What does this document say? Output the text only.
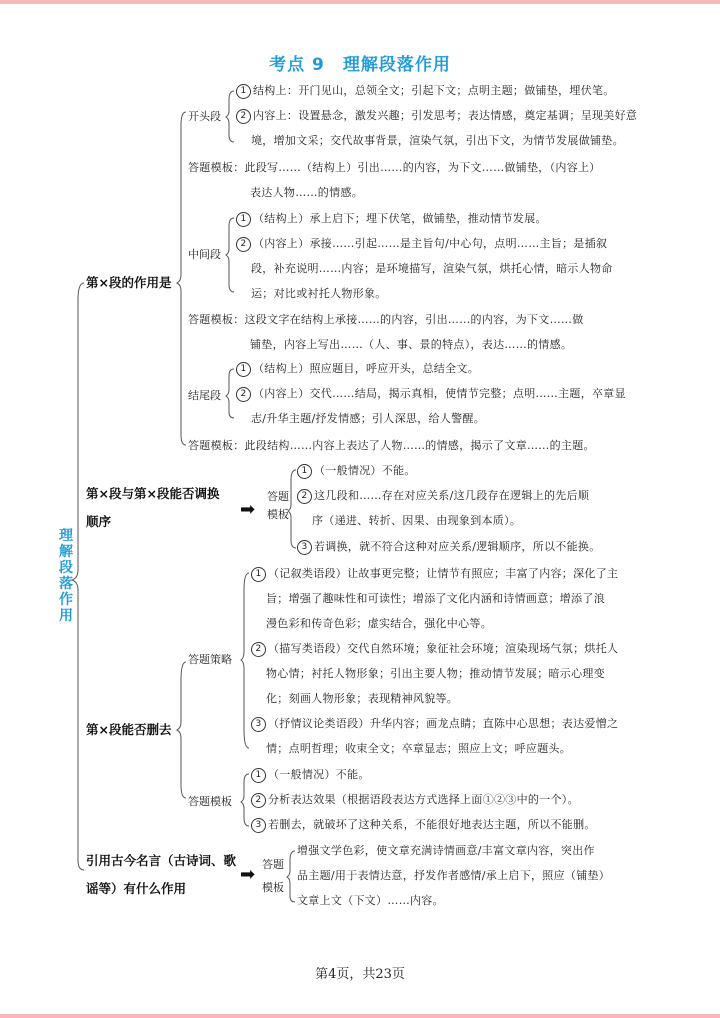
考点 9 理解段落作用
理解段落作用
第×段的作用是
开头段
1 结构上：开门见山，总领全文；引起下文；点明主题；做铺垫，埋伏笔。
2 内容上：设置悬念，激发兴趣；引发思考；表达情感，奠定基调；呈现美好意
境，增加文采；交代故事背景，渲染气氛，引出下文，为情节发展做铺垫。
答题模板：此段写……（结构上）引出……的内容，为下文……做铺垫，（内容上）
表达人物……的情感。
中间段
1 （结构上）承上启下；埋下伏笔，做铺垫，推动情节发展。
2 （内容上）承接……引起……是主旨句/中心句，点明……主旨；是插叙
段，补充说明……内容；是环境描写，渲染气氛，烘托心情，暗示人物命
运；对比或衬托人物形象。
答题模板：这段文字在结构上承接……的内容，引出……的内容，为下文……做
铺垫，内容上写出……（人、事、景的特点），表达……的情感。
结尾段
1 （结构上）照应题目，呼应开头，总结全文。
2 （内容上）交代……结局，揭示真相，使情节完整；点明……主题，卒章显
志/升华主题/抒发情感；引人深思，给人警醒。
答题模板：此段结构……内容上表达了人物……的情感，揭示了文章……的主题。
第×段与第×段能否调换
顺序
➡
答题模板
1 （一般情况）不能。
2 这几段和……存在对应关系/这几段存在逻辑上的先后顺
序（递进、转折、因果、由现象到本质）。
3 若调换，就不符合这种对应关系/逻辑顺序，所以不能换。
第×段能否删去
答题策略
1 （记叙类语段）让故事更完整；让情节有照应；丰富了内容；深化了主
旨；增强了趣味性和可读性；增添了文化内涵和诗情画意；增添了浪
漫色彩和传奇色彩；虚实结合，强化中心等。
2 （描写类语段）交代自然环境；象征社会环境；渲染现场气氛；烘托人
物心情；衬托人物形象；引出主要人物；推动情节发展；暗示心理变
化；刻画人物形象；表现精神风貌等。
3 （抒情议论类语段）升华内容；画龙点睛；直陈中心思想；表达爱憎之
情；点明哲理；收束全文；卒章显志；照应上文；呼应题头。
答题模板
1 （一般情况）不能。
2 分析表达效果（根据语段表达方式选择上面①②③中的一个）。
3 若删去，就破坏了这种关系，不能很好地表达主题，所以不能删。
引用古今名言（古诗词、歌
谣等）有什么作用
➡ 答题
模板
增强文学色彩，使文章充满诗情画意/丰富文章内容，突出作
品主题/用于表情达意，抒发作者感情/承上启下，照应（铺垫）
文章上文（下文）……内容。
第4页，共23页
